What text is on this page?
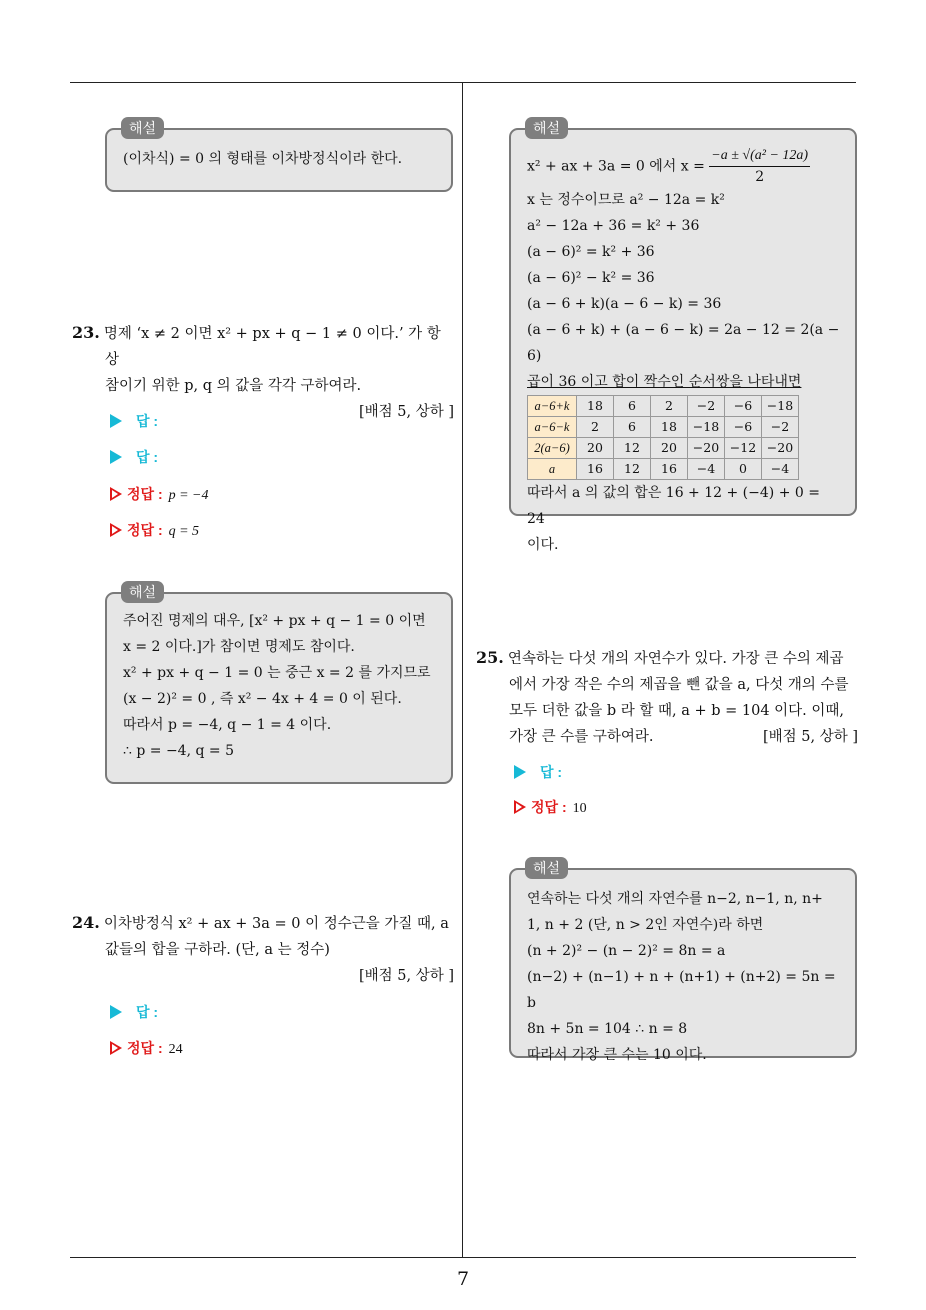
해설
(이차식) = 0 의 형태를 이차방정식이라 한다.
23. 명제 ‘x ≠ 2 이면 x² + px + q − 1 ≠ 0 이다.’ 가 항상
참이기 위한 p, q 의 값을 각각 구하여라.
[배점 5, 상하 ]
답 :
답 :
정답 : p = −4
정답 : q = 5
해설
주어진 명제의 대우, [x² + px + q − 1 = 0 이면
x = 2 이다.]가 참이면 명제도 참이다.
x² + px + q − 1 = 0 는 중근 x = 2 를 가지므로
(x − 2)² = 0 , 즉 x² − 4x + 4 = 0 이 된다.
따라서 p = −4, q − 1 = 4 이다.
∴ p = −4, q = 5
24. 이차방정식 x² + ax + 3a = 0 이 정수근을 가질 때, a
값들의 합을 구하라. (단, a 는 정수)
[배점 5, 상하 ]
답 :
정답 : 24
해설
x² + ax + 3a = 0 에서 $x = \frac{\text{−a ± √(a² − 12a)}}{2}$
x 는 정수이므로 a² − 12a = k²
a² − 12a + 36 = k² + 36
(a − 6)² = k² + 36
(a − 6)² − k² = 36
(a − 6 + k)(a − 6 − k) = 36
(a − 6 + k) + (a − 6 − k) = 2a − 12 = 2(a − 6)
곱이 36 이고 합이 짝수인 순서쌍을 나타내면
a−6+k	18	6	2	−2	−6	−18
a−6−k	2	6	18	−18	−6	−2
2(a−6)	20	12	20	−20	−12	−20
a	16	12	16	−4	0	−4
따라서 a 의 값의 합은 16 + 12 + (−4) + 0 = 24
이다.
25. 연속하는 다섯 개의 자연수가 있다. 가장 큰 수의 제곱
에서 가장 작은 수의 제곱을 뺀 값을 a, 다섯 개의 수를
모두 더한 값을 b 라 할 때, a + b = 104 이다. 이때,
가장 큰 수를 구하여라.	[배점 5, 상하 ]
답 :
정답 : 10
해설
연속하는 다섯 개의 자연수를 n−2, n−1, n, n+
1, n + 2 (단, n > 2인 자연수)라 하면
(n + 2)² − (n − 2)² = 8n = a
(n−2) + (n−1) + n + (n+1) + (n+2) = 5n = b
8n + 5n = 104 ∴ n = 8
따라서 가장 큰 수는 10 이다.
7
